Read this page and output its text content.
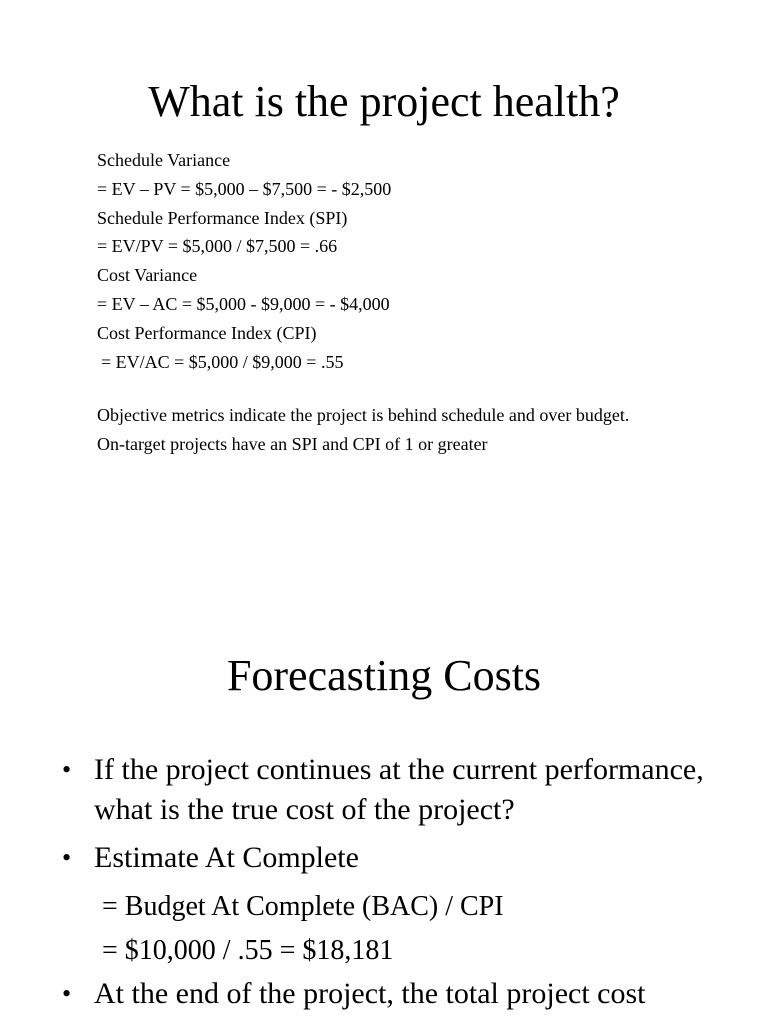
What is the project health?
Schedule Variance
= EV – PV = $5,000 – $7,500 = - $2,500
Schedule Performance Index (SPI)
= EV/PV = $5,000 / $7,500 = .66
Cost Variance
= EV – AC = $5,000 - $9,000 = - $4,000
Cost Performance Index (CPI)
= EV/AC = $5,000 / $9,000 = .55

Objective metrics indicate the project is behind schedule and over budget.

On-target projects have an SPI and CPI of 1 or greater

Forecasting Costs
• If the project continues at the current performance, what is the true cost of the project?
• Estimate At Complete
= Budget At Complete (BAC) / CPI
= $10,000 / .55 = $18,181
• At the end of the project, the total project cost
